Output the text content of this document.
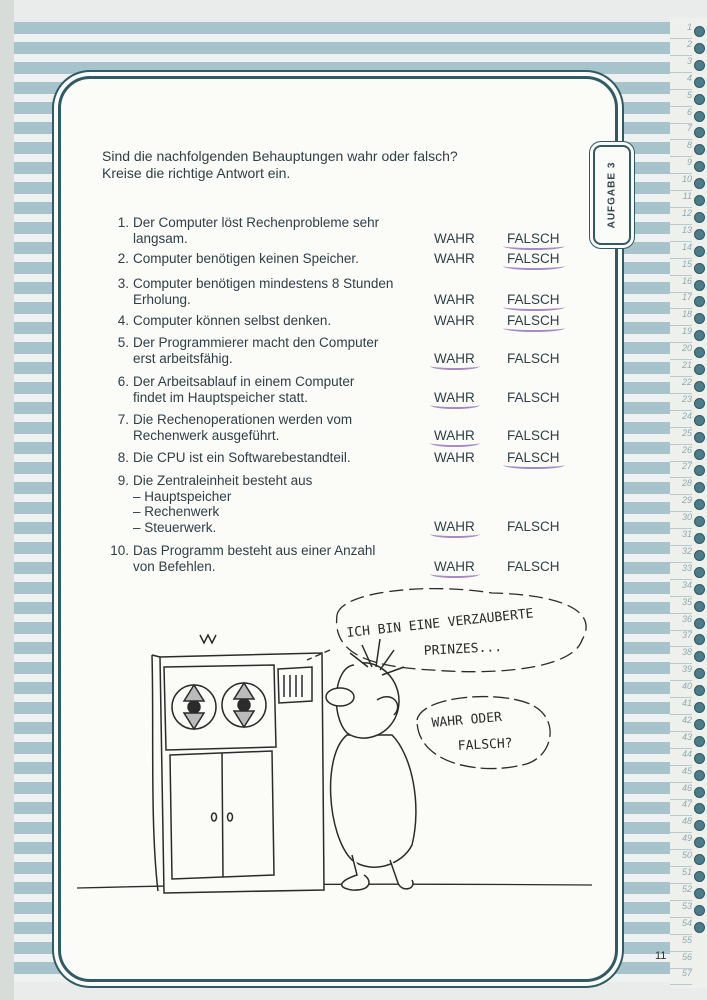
1
2
3
4
5
6
7
8
9
10
11
12
13
14
15
16
17
18
19
20
21
22
23
24
25
26
27
28
29
30
31
32
33
34
35
36
37
38
39
40
41
42
43
44
45
46
47
48
49
50
51
52
53
54
55
56
57
AUFGABE 3
Sind die nachfolgenden Behauptungen wahr oder falsch?
Kreise die richtige Antwort ein.
1. Der Computer löst Rechenprobleme sehr
langsam.	WAHR FALSCH
2. Computer benötigen keinen Speicher.	WAHR FALSCH
3. Computer benötigen mindestens 8 Stunden
Erholung.	WAHR FALSCH
4. Computer können selbst denken.	WAHR FALSCH
5. Der Programmierer macht den Computer
erst arbeitsfähig.	WAHR FALSCH
6. Der Arbeitsablauf in einem Computer
findet im Hauptspeicher statt.	WAHR FALSCH
7. Die Rechenoperationen werden vom
Rechenwerk ausgeführt.	WAHR FALSCH
8. Die CPU ist ein Softwarebestandteil.	WAHR FALSCH
9. Die Zentraleinheit besteht aus
– Hauptspeicher
– Rechenwerk
– Steuerwerk.	WAHR FALSCH
10. Das Programm besteht aus einer Anzahl
von Befehlen.	WAHR FALSCH
ICH BIN EINE VERZAUBERTE
PRINZES...
WAHR ODER
FALSCH?
11
